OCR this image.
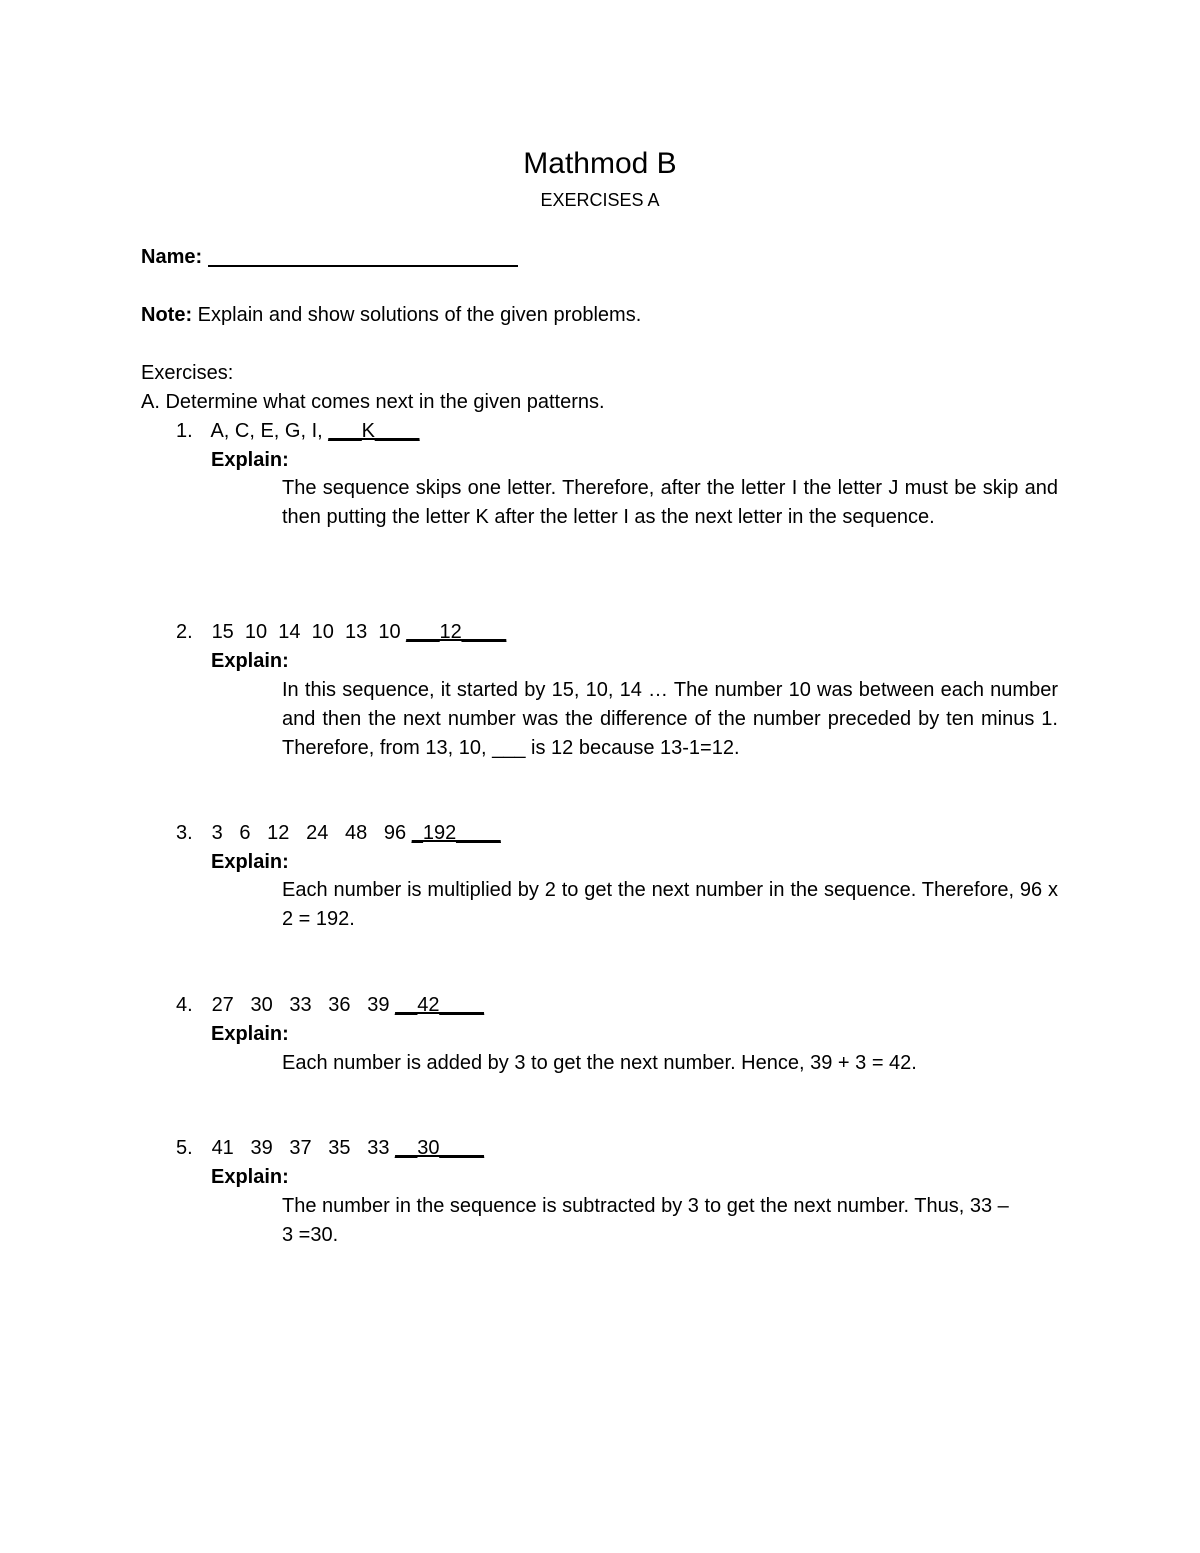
Mathmod B
EXERCISES A
Name:
Note: Explain and show solutions of the given problems.
Exercises:
A. Determine what comes next in the given patterns.
1. A, C, E, G, I, ___K____
Explain:
The sequence skips one letter. Therefore, after the letter I the letter J must be skip and then putting the letter K after the letter I as the next letter in the sequence.
2. 15  10  14  10  13  10 ___12____
Explain:
In this sequence, it started by 15, 10, 14 … The number 10 was between each number and then the next number was the difference of the number preceded by ten minus 1. Therefore, from 13, 10, ___ is 12 because 13-1=12.
3. 3   6   12   24   48   96 _192____
Explain:
Each number is multiplied by 2 to get the next number in the sequence. Therefore, 96 x 2 = 192.
4. 27   30   33   36   39 __42____
Explain:
Each number is added by 3 to get the next number. Hence, 39 + 3 = 42.
5. 41   39   37   35   33 __30____
Explain:
The number in the sequence is subtracted by 3 to get the next number. Thus, 33 – 3 =30.
